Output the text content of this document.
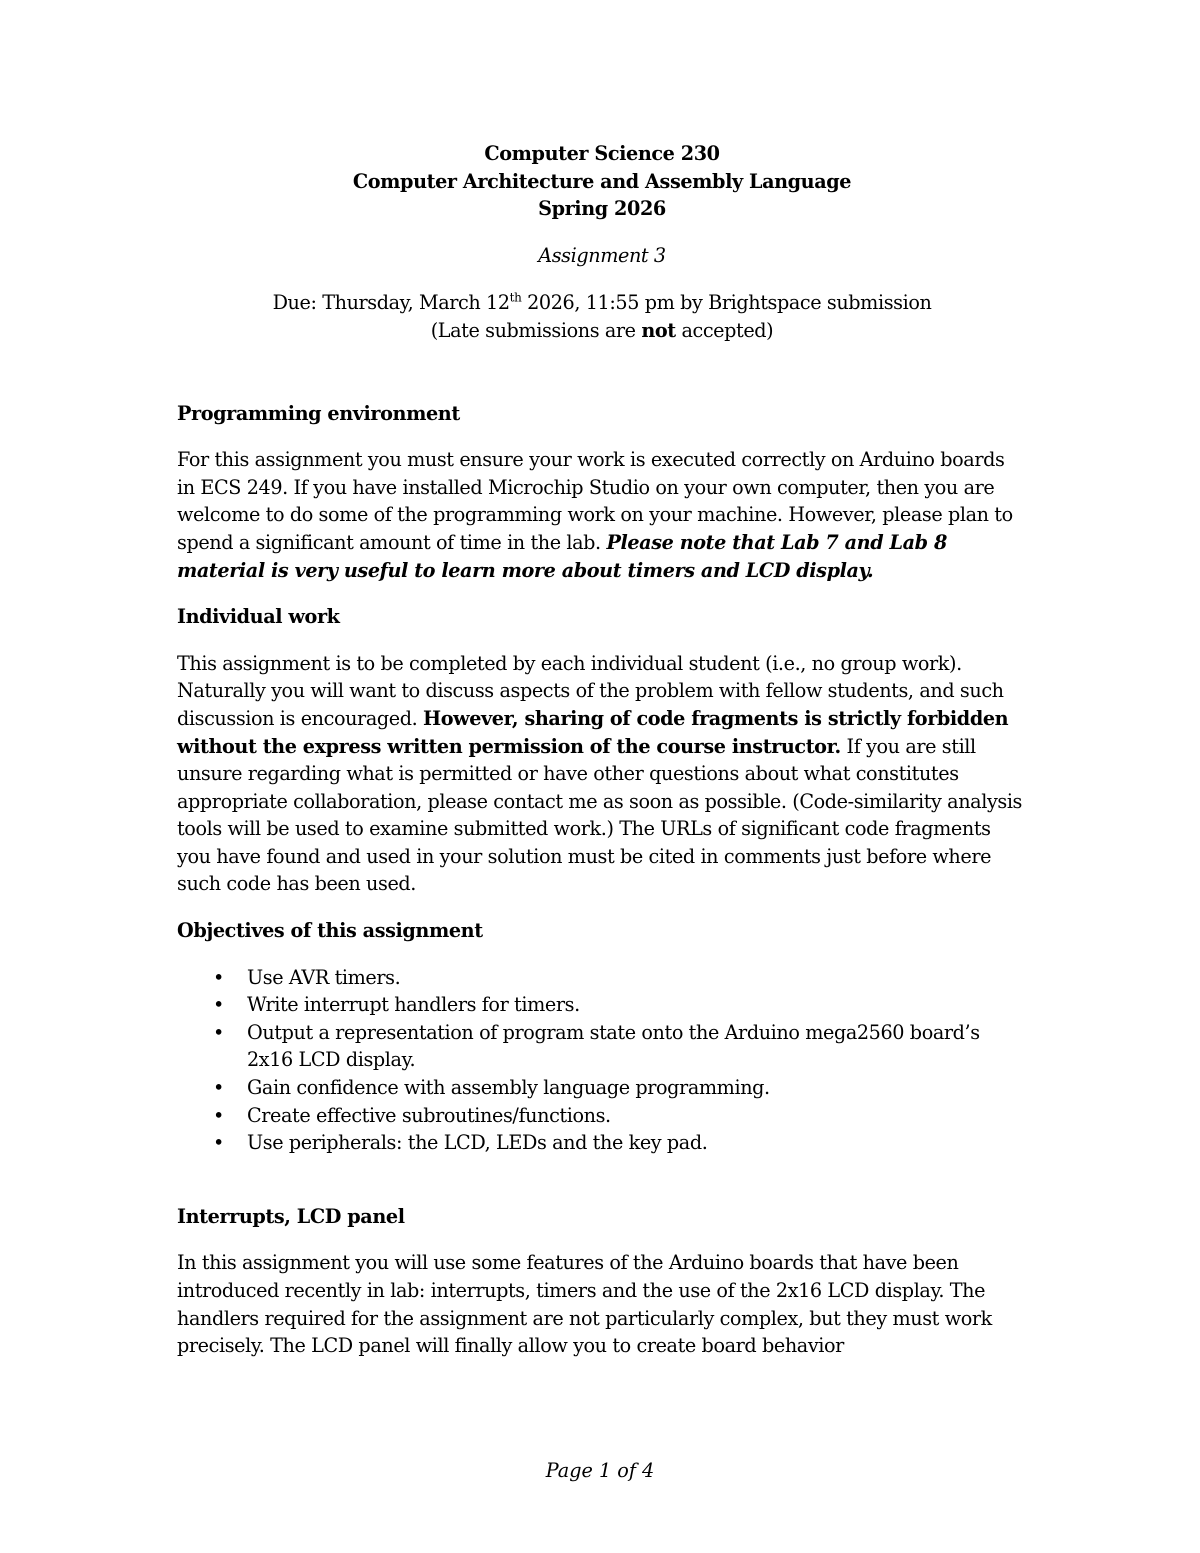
Computer Science 230
Computer Architecture and Assembly Language
Spring 2026
Assignment 3
Due: Thursday, March 12th 2026, 11:55 pm by Brightspace submission
(Late submissions are not accepted)
Programming environment

For this assignment you must ensure your work is executed correctly on Arduino boards in ECS 249. If you have installed Microchip Studio on your own computer, then you are welcome to do some of the programming work on your machine. However, please plan to spend a significant amount of time in the lab. Please note that Lab 7 and Lab 8 material is very useful to learn more about timers and LCD display.

Individual work

This assignment is to be completed by each individual student (i.e., no group work). Naturally you will want to discuss aspects of the problem with fellow students, and such discussion is encouraged. However, sharing of code fragments is strictly forbidden without the express written permission of the course instructor. If you are still unsure regarding what is permitted or have other questions about what constitutes appropriate collaboration, please contact me as soon as possible. (Code-similarity analysis tools will be used to examine submitted work.) The URLs of significant code fragments you have found and used in your solution must be cited in comments just before where such code has been used.

Objectives of this assignment
• Use AVR timers.
• Write interrupt handlers for timers.
• Output a representation of program state onto the Arduino mega2560 board’s 2x16 LCD display.
• Gain confidence with assembly language programming.
• Create effective subroutines/functions.
• Use peripherals: the LCD, LEDs and the key pad.
Interrupts, LCD panel

In this assignment you will use some features of the Arduino boards that have been introduced recently in lab: interrupts, timers and the use of the 2x16 LCD display. The handlers required for the assignment are not particularly complex, but they must work precisely. The LCD panel will finally allow you to create board behavior

Page 1 of 4
